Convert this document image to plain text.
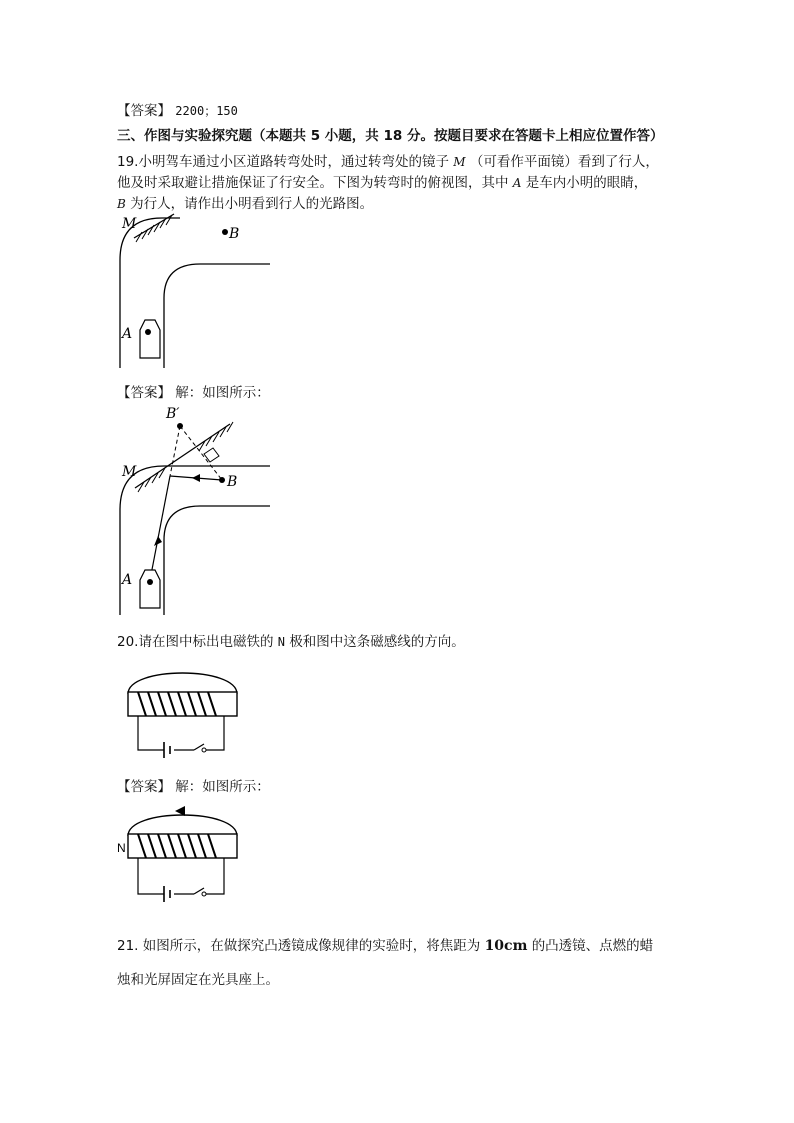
【答案】 2200；150
三、作图与实验探究题（本题共 5 小题，共 18 分。按题目要求在答题卡上相应位置作答）
19.小明驾车通过小区道路转弯处时，通过转弯处的镜子 M （可看作平面镜）看到了行人，
他及时采取避让措施保证了行安全。下图为转弯时的俯视图，其中 A 是车内小明的眼睛，
B 为行人，请作出小明看到行人的光路图。
M
B
A
【答案】 解：如图所示：
B′
B
M
A
20.请在图中标出电磁铁的 N 极和图中这条磁感线的方向。
【答案】 解：如图所示：
N
21. 如图所示，在做探究凸透镜成像规律的实验时，将焦距为 10cm 的凸透镜、点燃的蜡
烛和光屏固定在光具座上。
